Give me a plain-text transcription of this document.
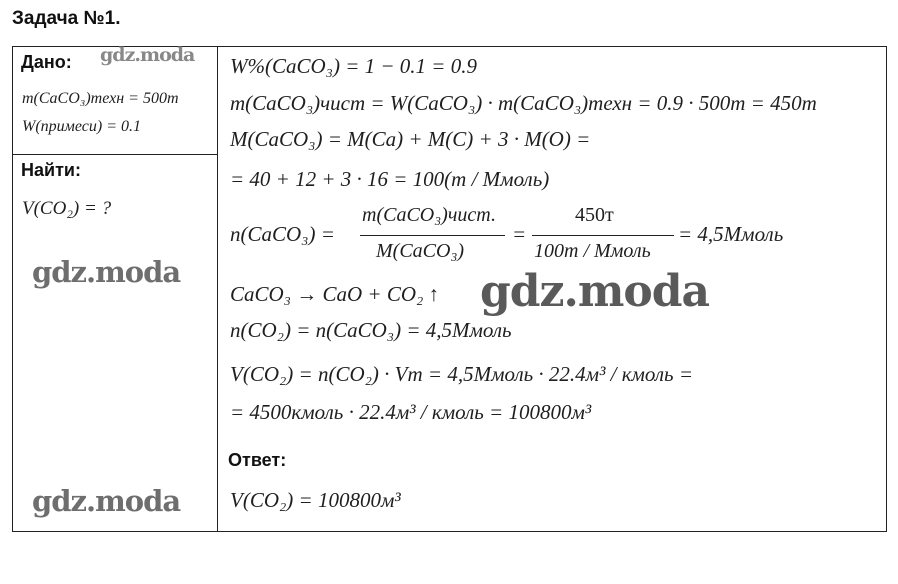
Задача №1.
Дано: gdz.moda
m(CaCO₃)техн = 500т
W(примеси) = 0.1
Найти:
V(CO₂) = ?
gdz.moda
W%(CaCO₃) = 1 − 0.1 = 0.9
m(CaCO₃)чист = W(CaCO₃) · m(CaCO₃)техн = 0.9 · 500т = 450т
M(CaCO₃) = M(Ca) + M(C) + 3 · M(O) =
= 40 + 12 + 3 · 16 = 100(т / Ммоль)
n(CaCO₃) =
m(CaCO₃)чист.
M(CaCO₃)
=
450т
100т / Ммоль
= 4,5Ммоль
CaCO₃ → CaO + CO₂ ↑ gdz.moda
n(CO₂) = n(CaCO₃) = 4,5Ммоль
V(CO₂) = n(CO₂) · Vm = 4,5Ммоль · 22.4м³ / кмоль =
= 4500кмоль · 22.4м³ / кмоль = 100800м³
Ответ:
V(CO₂) = 100800м³
gdz.moda
